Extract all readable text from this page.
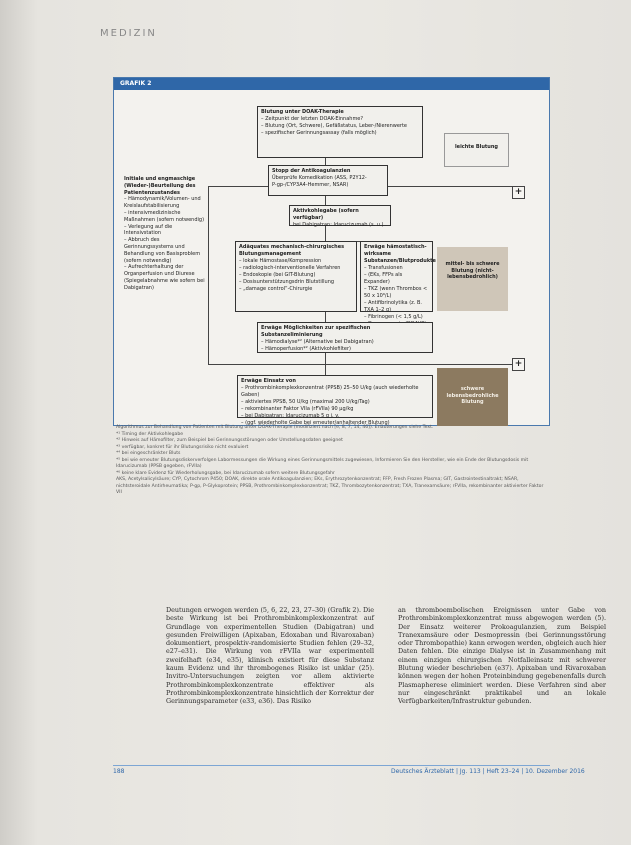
MEDIZIN
GRAFIK 2
+
+
Blutung unter DOAK-Therapie
– Zeitpunkt der letzten DOAK-Einnahme?
– Blutung (Ort, Schwere), Gefäßstatus, Leber-/Nierenwerte
– spezifischer Gerinnungsassay (falls möglich)
Stopp der Antikoagulanzien
Überprüfe Komedikation (ASS, P2Y12-
P-gp-/CYP3A4-Hemmer, NSAR)
Aktivkohlegabe (sofern verfügbar)
bei Dabigatran: Idarucizumab (s. u.)
Adäquates mechanisch-chirurgisches Blutungsmanagement
– lokale Hämostase/Kompression
– radiologisch-interventionelle Verfahren
– Endoskopie (bei GIT-Blutung)
– Dosisunterstützungsdrin Blutstillung
– „damage control“-Chirurgie
Erwäge hämostatisch-wirksame Substanzen/Blutprodukte
– Transfusionen
– (EKs, FFPs als Expander)
– TKZ (wenn Thrombos < 50 x 10⁹/L)
– Antifibrinolytika (z. B. TXA 1–2 g)
– Fibrinogen (< 1,5 g/L)
–
Erwäge Möglichkeiten zur spezifischen Substanzeliminierung
– Hämodialyse*² (Alternative bei Dabigatran)
– Hämoperfusion*² (Aktivkohlefilter)
Erwäge Einsatz von
– Prothrombinkomplexkonzentrat (PPSB) 25–50 U/kg (auch wiederholte Gaben)
– aktiviertes PPSB, 50 U/kg (maximal 200 U/kg/Tag)
– rekombinanter Faktor VIIa (rFVIIa) 90 µg/kg
– bei Dabigatran: Idarucizumab 5 g i. v.
– (ggf. wiederholte Gabe bei erneuter/anhaltender Blutung)
Initiale und engmaschige (Wieder-)Beurteilung des Patientenzustandes
– Hämodynamik/Volumen- und Kreislaufstabilisierung
– intensivmedizinische Maßnahmen (sofern notwendig)
– Verlegung auf die Intensivstation
– Abbruch des Gerinnungssystems und Behandlung von Basisproblem (sofern notwendig)
– Aufrechterhaltung der Organperfusion und Diurese (Spiegelabnahme wie sofern bei Dabigatran)
leichte Blutung
mittel- bis schwere Blutung (nicht-lebensbedrohlich)
schwere lebensbedrohliche Blutung

Algorithmus zur Behandlung von Patienten mit Blutung unter DOAK-Therapie (modifiziert nach [e, 8, 7, 14, 46]). Erläuterungen siehe Text.

*¹ Timing der Aktivkohlegabe

*² Hinweis auf Hämofilter, zum Beispiel bei Gerinnungsstörungen oder Umstellungsdaten geeignet

*³ verfügbar, konkret für ihr Blutungsrisiko nicht evaluiert

*⁴ bei eingeschränkter Bluts

*⁵ bei wie erneuter Blutungsdiskerverfolgen Labormessungen die Wirkung eines Gerinnungsmittels zugewiesen, Informieren Sie den Hersteller, wie ein Ende der Blutungsdosis mit Idarucizumab (PPSB gegeben, rFVIIa)

*⁶ keine klare Evidenz für Wiederholungsgabe, bei Idarucizumab sofern weitere Blutungsgefahr

AKS, Acetylsalicylsäure; CYP, Cytochrom P450; DOAK, direkte orale Antikoagulanzien; EKs, Erythrozytenkonzentrat; FFP, Fresh Frozen Plasma; GIT, Gastrointestinaltrakt; NSAR, nichtsteroidale Antirheumatika; P-gp, P-Glykoprotein; PPSB, Prothrombinkomplexkonzentrat; TKZ, Thrombozytenkonzentrat; TXA, Tranexamsäure; rFVIIa, rekombinanter aktivierter Faktor VII

Deutungen erwogen werden (5, 6, 22, 23, 27–30) (Grafik 2). Die beste Wirkung ist bei Prothrombinkomplexkonzentrat auf Grundlage von experimentellen Studien (Dabigatran) und gesunden Freiwilligen (Apixaban, Edoxaban und Rivaroxaban) dokumentiert, prospektiv-randomisierte Studien fehlen (29–32, e27–e31). Die Wirkung von rFVIIa war experimentell zweifelhaft (e34, e35), klinisch existiert für diese Substanz kaum Evidenz und ihr thrombogenes Risiko ist unklar (25). Invitro-Untersuchungen zeigten vor allem aktivierte Prothrombinkomplexkonzentrate effektiver als Prothrombinkomplexkonzentrate hinsichtlich der Korrektur der Gerinnungsparameter (e33, e36). Das Risiko
an thromboembolischen Ereignissen unter Gabe von Prothrombinkomplexkonzentrat muss abgewogen werden (5). Der Einsatz weiterer Prokoagulanzien, zum Beispiel Tranexamsäure oder Desmopressin (bei Gerinnungsstörung oder Thrombopathie) kann erwogen werden, obgleich auch hier Daten fehlen. Die einzige Dialyse ist in Zusammenhang mit einem einzigen chirurgischen Notfalleinsatz mit schwerer Blutung wieder beschrieben (e37). Apixaban und Rivaroxaban können wegen der hohen Proteinbindung gegebenenfalls durch Plasmapherese eliminiert werden. Diese Verfahren sind aber nur eingeschränkt praktikabel und an lokale Verfügbarkeiten/Infrastruktur gebunden.
188	Deutsches Ärzteblatt | Jg. 113 | Heft 23–24 | 10. Dezember 2016
